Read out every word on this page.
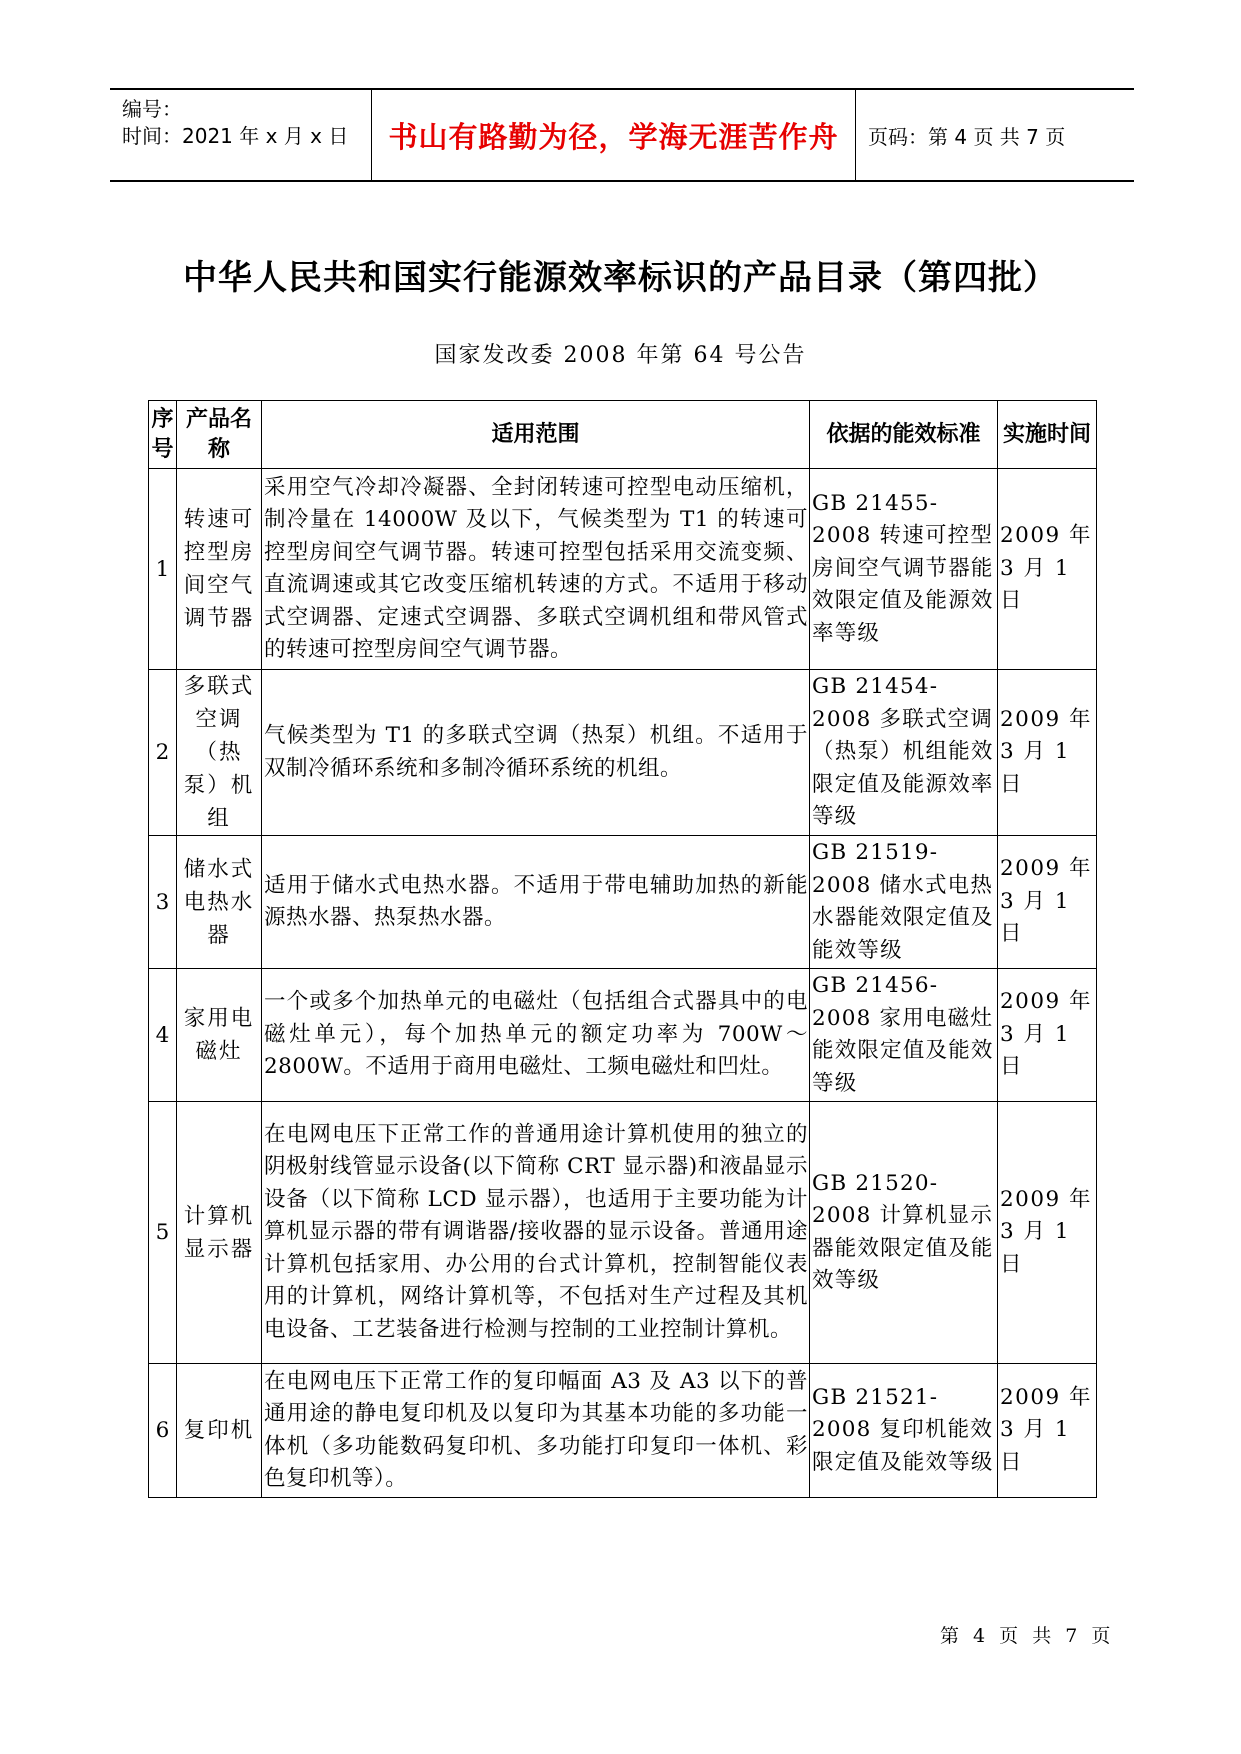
编号：
时间：2021 年 x 月 x 日	书山有路勤为径，学海无涯苦作舟	页码：第 4 页 共 7 页
中华人民共和国实行能源效率标识的产品目录（第四批）
国家发改委 2008 年第 64 号公告
序号	产品名称	适用范围	依据的能效标准	实施时间
1	转速可控型房间空气调节器	采用空气冷却冷凝器、全封闭转速可控型电动压缩机，制冷量在 14000W 及以下，气候类型为 T1 的转速可控型房间空气调节器。转速可控型包括采用交流变频、直流调速或其它改变压缩机转速的方式。不适用于移动式空调器、定速式空调器、多联式空调机组和带风管式的转速可控型房间空气调节器。	GB 21455-2008 转速可控型房间空气调节器能效限定值及能源效率等级	2009 年 3 月 1 日
2	多联式空调（热泵）机组	气候类型为 T1 的多联式空调（热泵）机组。不适用于双制冷循环系统和多制冷循环系统的机组。	GB 21454-2008 多联式空调（热泵）机组能效限定值及能源效率等级	2009 年 3 月 1 日
3	储水式电热水器	适用于储水式电热水器。不适用于带电辅助加热的新能源热水器、热泵热水器。	GB 21519-2008 储水式电热水器能效限定值及能效等级	2009 年 3 月 1 日
4	家用电磁灶	一个或多个加热单元的电磁灶（包括组合式器具中的电磁灶单元），每个加热单元的额定功率为 700W～2800W。不适用于商用电磁灶、工频电磁灶和凹灶。	GB 21456-2008 家用电磁灶能效限定值及能效等级	2009 年 3 月 1 日
5	计算机显示器	在电网电压下正常工作的普通用途计算机使用的独立的阴极射线管显示设备(以下简称 CRT 显示器)和液晶显示设备（以下简称 LCD 显示器），也适用于主要功能为计算机显示器的带有调谐器/接收器的显示设备。普通用途计算机包括家用、办公用的台式计算机，控制智能仪表用的计算机，网络计算机等，不包括对生产过程及其机电设备、工艺装备进行检测与控制的工业控制计算机。	GB 21520-2008 计算机显示器能效限定值及能效等级	2009 年 3 月 1 日
6	复印机	在电网电压下正常工作的复印幅面 A3 及 A3 以下的普通用途的静电复印机及以复印为其基本功能的多功能一体机（多功能数码复印机、多功能打印复印一体机、彩色复印机等）。	GB 21521-2008 复印机能效限定值及能效等级	2009 年 3 月 1 日
第 4 页 共 7 页
